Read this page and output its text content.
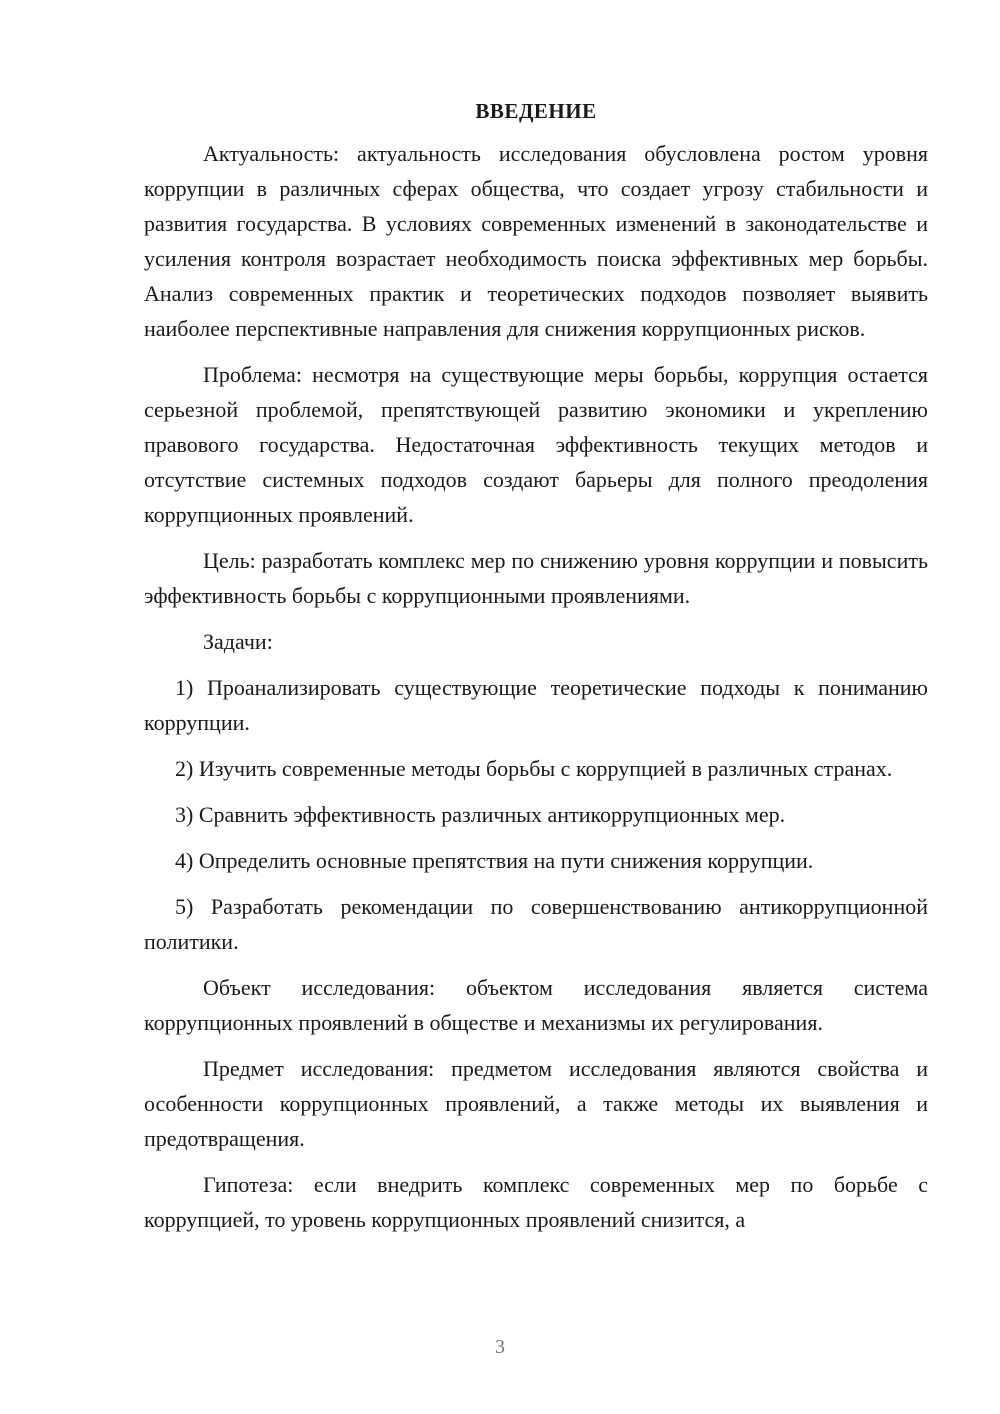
ВВЕДЕНИЕ

Актуальность: актуальность исследования обусловлена ростом уровня коррупции в различных сферах общества, что создает угрозу стабильности и развития государства. В условиях современных изменений в законодательстве и усиления контроля возрастает необходимость поиска эффективных мер борьбы. Анализ современных практик и теоретических подходов позволяет выявить наиболее перспективные направления для снижения коррупционных рисков.

Проблема: несмотря на существующие меры борьбы, коррупция остается серьезной проблемой, препятствующей развитию экономики и укреплению правового государства. Недостаточная эффективность текущих методов и отсутствие системных подходов создают барьеры для полного преодоления коррупционных проявлений.

Цель: разработать комплекс мер по снижению уровня коррупции и повысить эффективность борьбы с коррупционными проявлениями.

Задачи:

1) Проанализировать существующие теоретические подходы к пониманию коррупции.

2) Изучить современные методы борьбы с коррупцией в различных странах.

3) Сравнить эффективность различных антикоррупционных мер.

4) Определить основные препятствия на пути снижения коррупции.

5) Разработать рекомендации по совершенствованию антикоррупционной политики.

Объект исследования: объектом исследования является система коррупционных проявлений в обществе и механизмы их регулирования.

Предмет исследования: предметом исследования являются свойства и особенности коррупционных проявлений, а также методы их выявления и предотвращения.

Гипотеза: если внедрить комплекс современных мер по борьбе с коррупцией, то уровень коррупционных проявлений снизится, а

3
